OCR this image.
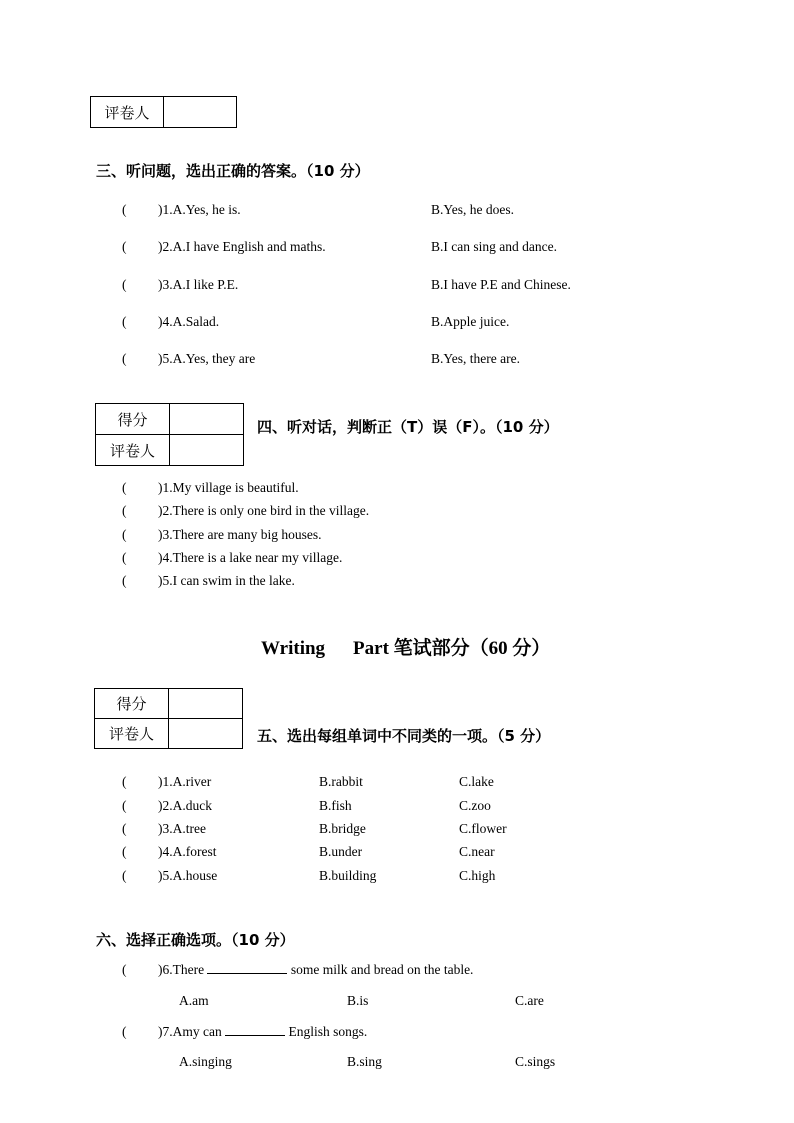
评卷人	
三、听问题，选出正确的答案。（10 分）
( )1.A.Yes, he is.	B.Yes, he does.
( )2.A.I have English and maths.	B.I can sing and dance.
( )3.A.I like P.E.	B.I have P.E and Chinese.
( )4.A.Salad.	B.Apple juice.
( )5.A.Yes, they are	B.Yes, there are.
得分	
评卷人	
四、听对话，判断正（T）误（F）。（10 分）
( )1.My village is beautiful.
( )2.There is only one bird in the village.
( )3.There are many big houses.
( )4.There is a lake near my village.
( )5.I can swim in the lake.
Writing Part 笔试部分（60 分）
得分	
评卷人		五、选出每组单词中不同类的一项。（5 分）
( )1.A.river	B.rabbit	C.lake
( )2.A.duck	B.fish	C.zoo
( )3.A.tree	B.bridge	C.flower
( )4.A.forest	B.under	C.near
( )5.A.house	B.building	C.high
六、选择正确选项。（10 分）
( )6.There	some milk and bread on the table.
A.am	B.is	C.are
( )7.Amy can	English songs.
A.singing	B.sing	C.sings
